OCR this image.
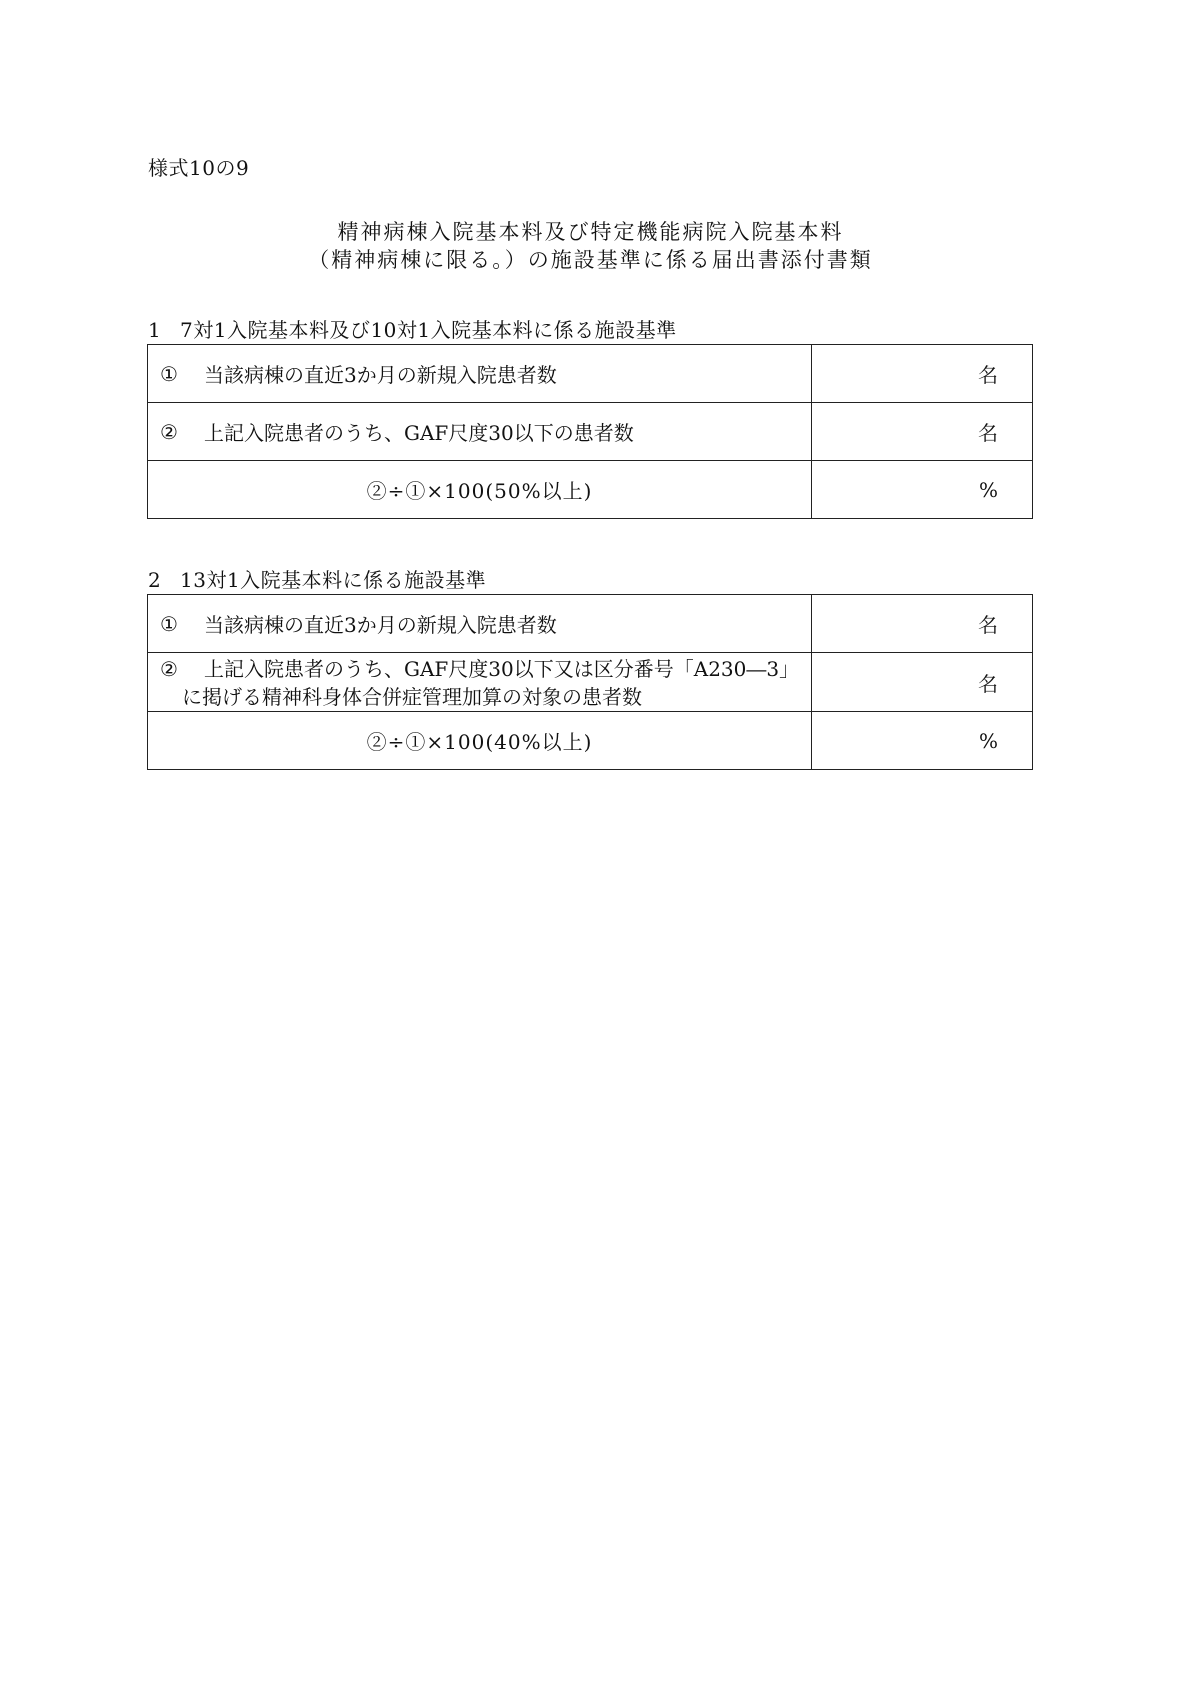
様式10の9
精神病棟入院基本料及び特定機能病院入院基本料
（精神病棟に限る。）の施設基準に係る届出書添付書類
1 7対1入院基本料及び10対1入院基本料に係る施設基準
① 当該病棟の直近3か月の新規入院患者数	名

② 上記入院患者のうち、GAF尺度30以下の患者数	名
②÷①×100(50%以上)	%
2 13対1入院基本料に係る施設基準
① 当該病棟の直近3か月の新規入院患者数	名

② 上記入院患者のうち、GAF尺度30以下又は区分番号「A230―3」
に掲げる精神科身体合併症管理加算の対象の患者数	名
②÷①×100(40%以上)	%
